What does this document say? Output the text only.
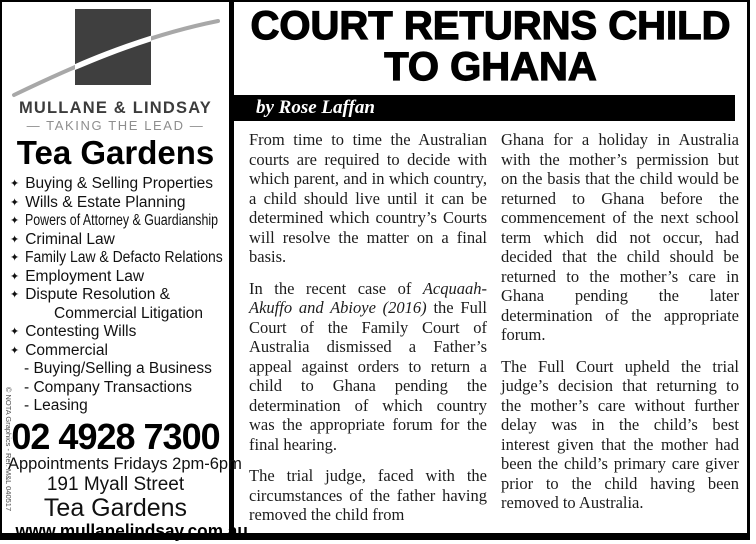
MULLANE & LINDSAY
— TAKING THE LEAD —
Tea Gardens
✦ Buying & Selling Properties
✦ Wills & Estate Planning
✦ Powers of Attorney & Guardianship
✦ Criminal Law
✦ Family Law & Defacto Relations
✦ Employment Law
✦ Dispute Resolution &
Commercial Litigation
✦ Contesting Wills
✦ Commercial
- Buying/Selling a Business
- Company Transactions
- Leasing
02 4928 7300
Appointments Fridays 2pm-6pm
191 Myall Street
Tea Gardens
www.mullanelindsay.com.au
© NOTA Graphics - Ref: M&L 040517
COURT RETURNS CHILD TO GHANA
by Rose Laffan

From time to time the Australian courts are required to decide with which parent, and in which country, a child should live until it can be determined which country’s Courts will resolve the matter on a final basis.

In the recent case of Acquaah-Akuffo and Abioye (2016) the Full Court of the Family Court of Australia dismissed a Father’s appeal against orders to return a child to Ghana pending the determination of which country was the appropriate forum for the final hearing.

The trial judge, faced with the circumstances of the father having removed the child from

Ghana for a holiday in Australia with the mother’s permission but on the basis that the child would be returned to Ghana before the commencement of the next school term which did not occur, had decided that the child should be returned to the mother’s care in Ghana pending the later determination of the appropriate forum.

The Full Court upheld the trial judge’s decision that returning to the mother’s care without further delay was in the child’s best interest given that the mother had been the child’s primary care giver prior to the child having been removed to Australia.
